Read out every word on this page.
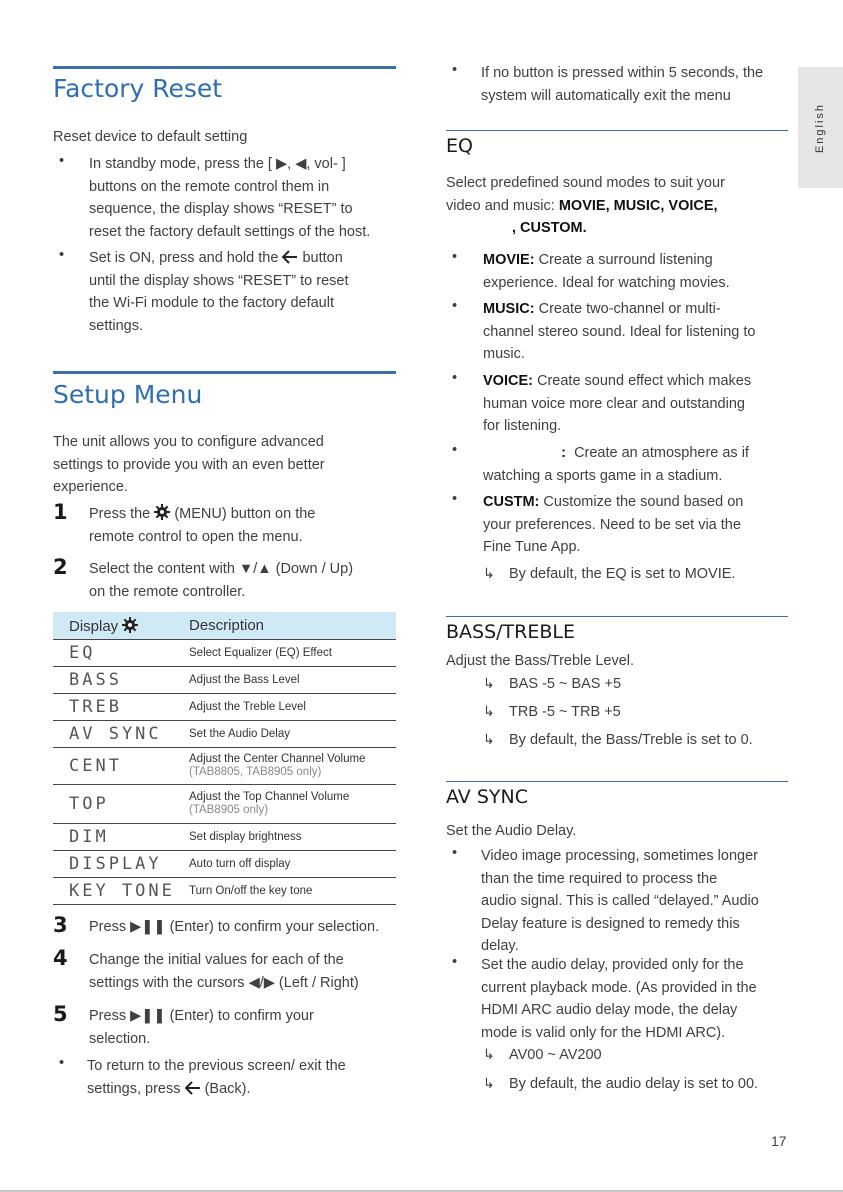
English
Factory Reset
Reset device to default setting
• In standby mode, press the [ ▶, ◀, vol- ]
buttons on the remote control them in
sequence, the display shows “RESET” to
reset the factory default settings of the host.
• Set is ON, press and hold the button
until the display shows “RESET” to reset
the Wi-Fi module to the factory default
settings.
Setup Menu
The unit allows you to configure advanced
settings to provide you with an even better
experience.
1 Press the (MENU) button on the
remote control to open the menu.
2 Select the content with ▼/▲ (Down / Up)
on the remote controller.
Display	Description
EQ	Select Equalizer (EQ) Effect
BASS	Adjust the Bass Level
TREB	Adjust the Treble Level
AV SYNC	Set the Audio Delay
CENT	Adjust the Center Channel Volume
(TAB8805, TAB8905 only)

TOP	Adjust the Top Channel Volume
(TAB8905 only)

DIM	Set display brightness
DISPLAY	Auto turn off display
KEY TONE	Turn On/off the key tone
3 Press ▶❚❚ (Enter) to confirm your selection.
4 Change the initial values for each of the
settings with the cursors ◀/▶ (Left / Right)
5 Press ▶❚❚ (Enter) to confirm your
selection.
• To return to the previous screen/ exit the
settings, press (Back).
• If no button is pressed within 5 seconds, the
system will automatically exit the menu
EQ
Select predefined sound modes to suit your
video and music: MOVIE, MUSIC, VOICE,
, CUSTOM.
• MOVIE: Create a surround listening
experience. Ideal for watching movies.
• MUSIC: Create two-channel or multi-
channel stereo sound. Ideal for listening to
music.
• VOICE: Create sound effect which makes
human voice more clear and outstanding
for listening.
•	: Create an atmosphere as if
watching a sports game in a stadium.
• CUSTM: Customize the sound based on
your preferences. Need to be set via the
Fine Tune App.
↳ By default, the EQ is set to MOVIE.
BASS/TREBLE
Adjust the Bass/Treble Level.
↳ BAS -5 ~ BAS +5
↳ TRB -5 ~ TRB +5
↳ By default, the Bass/Treble is set to 0.
AV SYNC
Set the Audio Delay.
• Video image processing, sometimes longer
than the time required to process the
audio signal. This is called “delayed.” Audio
Delay feature is designed to remedy this
delay.
• Set the audio delay, provided only for the
current playback mode. (As provided in the
HDMI ARC audio delay mode, the delay
mode is valid only for the HDMI ARC).
↳ AV00 ~ AV200
↳ By default, the audio delay is set to 00.
17
